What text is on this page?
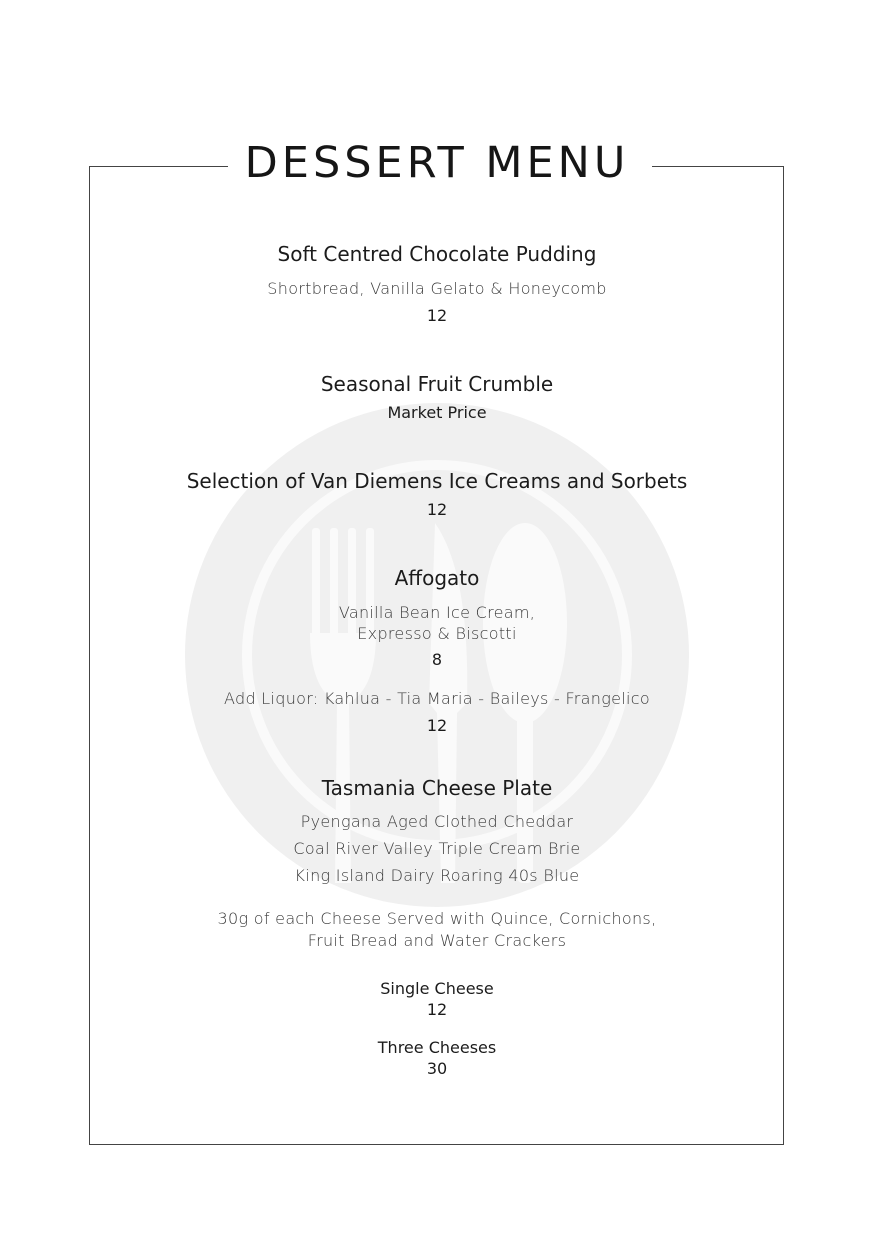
DESSERT MENU
Soft Centred Chocolate Pudding
Shortbread, Vanilla Gelato & Honeycomb
12
Seasonal Fruit Crumble
Market Price
Selection of Van Diemens Ice Creams and Sorbets
12
Affogato
Vanilla Bean Ice Cream,
Expresso & Biscotti
8
Add Liquor: Kahlua - Tia Maria - Baileys - Frangelico
12
Tasmania Cheese Plate
Pyengana Aged Clothed Cheddar
Coal River Valley Triple Cream Brie
King Island Dairy Roaring 40s Blue
30g of each Cheese Served with Quince, Cornichons,
Fruit Bread and Water Crackers
Single Cheese
12
Three Cheeses
30
